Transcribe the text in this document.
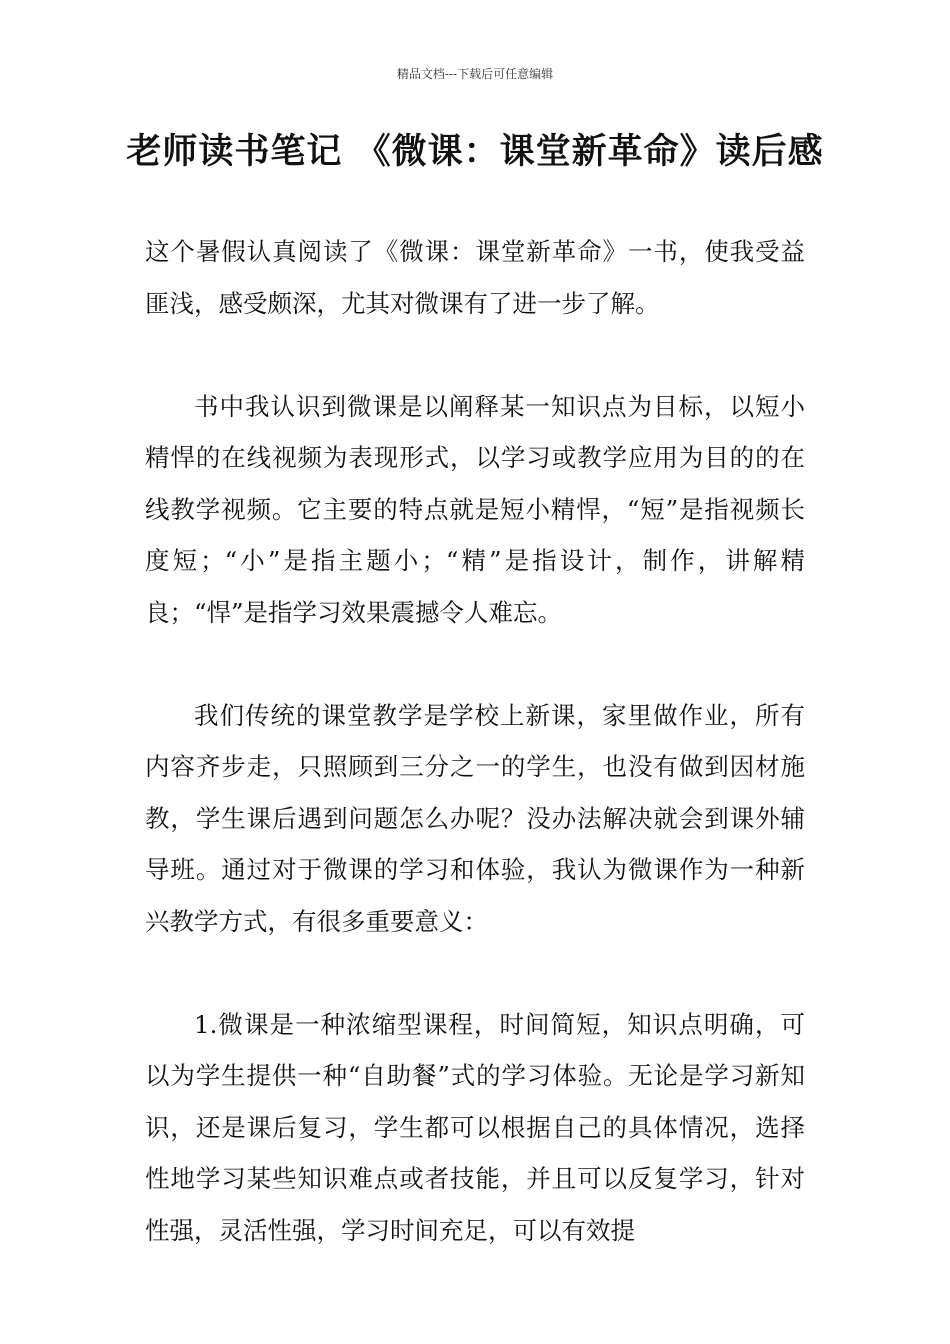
精品文档---下载后可任意编辑
老师读书笔记 《微课：课堂新革命》读后感

这个暑假认真阅读了《微课：课堂新革命》一书，使我受益匪浅，感受颇深，尤其对微课有了进一步了解。

书中我认识到微课是以阐释某一知识点为目标，以短小精悍的在线视频为表现形式，以学习或教学应用为目的的在线教学视频。它主要的特点就是短小精悍，“短”是指视频长度短；“小”是指主题小；“精”是指设计，制作，讲解精良；“悍”是指学习效果震撼令人难忘。

我们传统的课堂教学是学校上新课，家里做作业，所有内容齐步走，只照顾到三分之一的学生，也没有做到因材施教，学生课后遇到问题怎么办呢？没办法解决就会到课外辅导班。通过对于微课的学习和体验，我认为微课作为一种新兴教学方式，有很多重要意义：

1.微课是一种浓缩型课程，时间简短，知识点明确，可以为学生提供一种“自助餐”式的学习体验。无论是学习新知识，还是课后复习，学生都可以根据自己的具体情况，选择性地学习某些知识难点或者技能，并且可以反复学习，针对性强，灵活性强，学习时间充足，可以有效提
